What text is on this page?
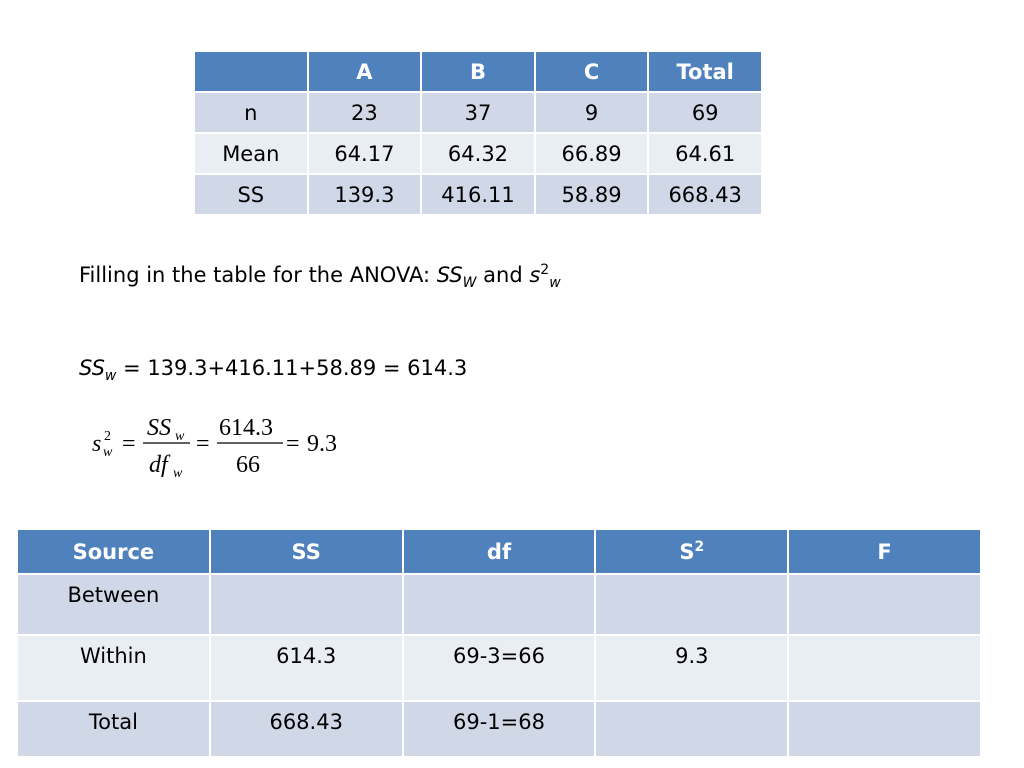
	A	B	C	Total
n	23	37	9	69
Mean	64.17	64.32	66.89	64.61
SS	139.3	416.11	58.89	668.43
Filling in the table for the ANOVA: $SS_W$ and $s^2_w$
$SS_w = 139.3+416.11+58.89 = 614.3$
s 2
w =
SS w
df w
=
614.3
66
= 9.3
Source	SS	df	$S^2$	F
Between				
Within	614.3	69-3=66	9.3	
Total	668.43	69-1=68		
